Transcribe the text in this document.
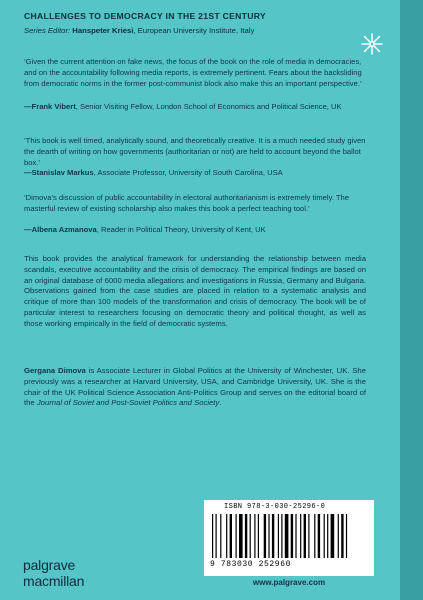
CHALLENGES TO DEMOCRACY IN THE 21ST CENTURY
Series Editor: Hanspeter Kriesi, European University Institute, Italy
‘Given the current attention on fake news, the focus of the book on the role of media in democracies, and on the accountability following media reports, is extremely pertinent. Fears about the backsliding from democratic norms in the former post-communist block also make this an important perspective.’
—Frank Vibert, Senior Visiting Fellow, London School of Economics and Political Science, UK
‘This book is well timed, analytically sound, and theoretically creative. It is a much needed study given the dearth of writing on how governments (authoritarian or not) are held to account beyond the ballot box.’
—Stanislav Markus, Associate Professor, University of South Carolina, USA
‘Dimova’s discussion of public accountability in electoral authoritarianism is extremely timely. The masterful review of existing scholarship also makes this book a perfect teaching tool.’
—Albena Azmanova, Reader in Political Theory, University of Kent, UK
This book provides the analytical framework for understanding the relationship between media scandals, executive accountability and the crisis of democracy. The empirical findings are based on an original database of 6000 media allegations and investigations in Russia, Germany and Bulgaria. Observations gained from the case studies are placed in relation to a systematic analysis and critique of more than 100 models of the transformation and crisis of democracy. The book will be of particular interest to researchers focusing on democratic theory and political thought, as well as those working empirically in the field of democratic systems.
Gergana Dimova is Associate Lecturer in Global Politics at the University of Winchester, UK. She previously was a researcher at Harvard University, USA, and Cambridge University, UK. She is the chair of the UK Political Science Association Anti-Politics Group and serves on the editorial board of the Journal of Soviet and Post-Soviet Politics and Society.
ISBN 978-3-030-25296-0
9 783030 252960
www.palgrave.com
palgrave
macmillan
